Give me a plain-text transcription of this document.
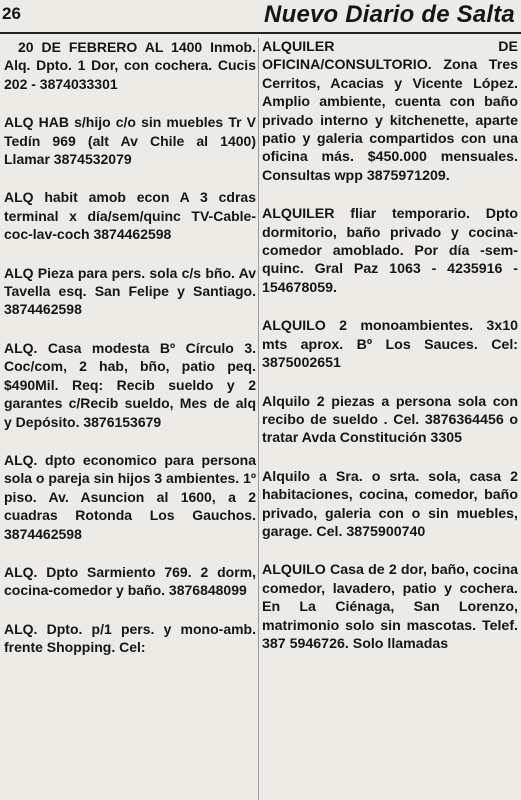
26	Nuevo Diario de Salta

20 DE FEBRERO AL 1400 Inmob. Alq. Dpto. 1 Dor, con cochera. Cucis 202 - 3874033301

ALQ HAB s/hijo c/o sin muebles Tr V Tedín 969 (alt Av Chile al 1400) Llamar 3874532079

ALQ habit amob econ A 3 cdras terminal x día/sem/quinc TV-Cable-coc-lav-coch 3874462598

ALQ Pieza para pers. sola c/s bño. Av Tavella esq. San Felipe y Santiago. 3874462598

ALQ. Casa modesta Bº Círculo 3. Coc/com, 2 hab, bño, patio peq. $490Mil. Req: Recib sueldo y 2 garantes c/Recib sueldo, Mes de alq y Depósito. 3876153679

ALQ. dpto economico para persona sola o pareja sin hijos 3 ambientes. 1º piso. Av. Asuncion al 1600, a 2 cuadras Rotonda Los Gauchos. 3874462598

ALQ. Dpto Sarmiento 769. 2 dorm, cocina-comedor y baño. 3876848099

ALQ. Dpto. p/1 pers. y mono-amb. frente Shopping. Cel:

ALQUILER DE OFICINA/CONSULTORIO. Zona Tres Cerritos, Acacias y Vicente López. Amplio ambiente, cuenta con baño privado interno y kitchenette, aparte patio y galeria compartidos con una oficina más. $450.000 mensuales. Consultas wpp 3875971209.

ALQUILER fliar temporario. Dpto dormitorio, baño privado y cocina-comedor amoblado. Por día -sem- quinc. Gral Paz 1063 - 4235916 - 154678059.

ALQUILO 2 monoambientes. 3x10 mts aprox. Bº Los Sauces. Cel: 3875002651

Alquilo 2 piezas a persona sola con recibo de sueldo . Cel. 3876364456 o tratar Avda Constitución 3305

Alquilo a Sra. o srta. sola, casa 2 habitaciones, cocina, comedor, baño privado, galeria con o sin muebles, garage. Cel. 3875900740

ALQUILO Casa de 2 dor, baño, cocina comedor, lavadero, patio y cochera. En La Ciénaga, San Lorenzo, matrimonio solo sin mascotas. Telef. 387 5946726. Solo llamadas
